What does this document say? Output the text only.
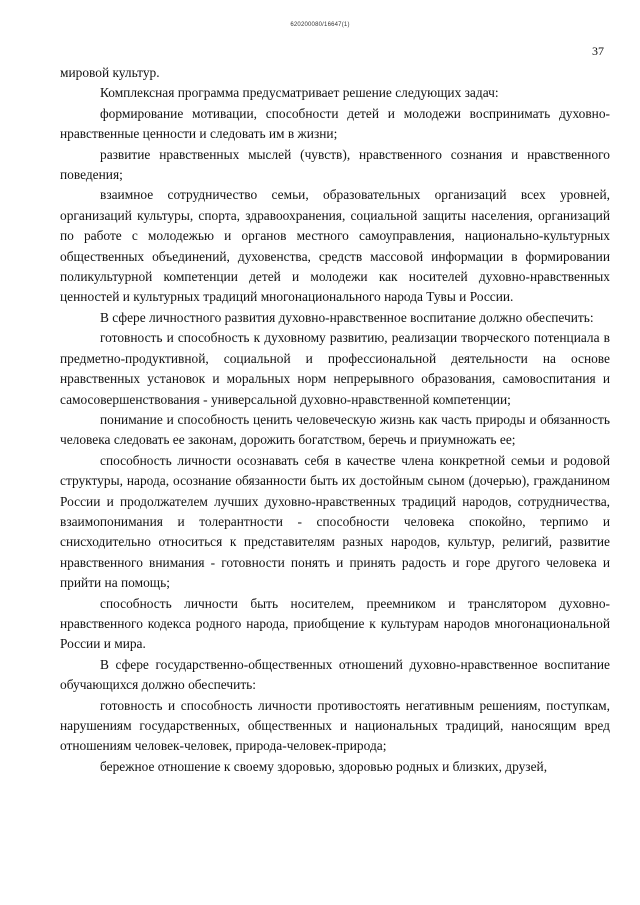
620200080/16647(1)
37

мировой культур.

Комплексная программа предусматривает решение следующих задач:

формирование мотивации, способности детей и молодежи воспринимать духовно-нравственные ценности и следовать им в жизни;

развитие нравственных мыслей (чувств), нравственного сознания и нравственного поведения;

взаимное сотрудничество семьи, образовательных организаций всех уровней, организаций культуры, спорта, здравоохранения, социальной защиты населения, организаций по работе с молодежью и органов местного самоуправления, национально-культурных общественных объединений, духовенства, средств массовой информации в формировании поликультурной компетенции детей и молодежи как носителей духовно-нравственных ценностей и культурных традиций многонационального народа Тувы и России.

В сфере личностного развития духовно-нравственное воспитание должно обеспечить:

готовность и способность к духовному развитию, реализации творческого потенциала в предметно-продуктивной, социальной и профессиональной деятельности на основе нравственных установок и моральных норм непрерывного образования, самовоспитания и самосовершенствования - универсальной духовно-нравственной компетенции;

понимание и способность ценить человеческую жизнь как часть природы и обязанность человека следовать ее законам, дорожить богатством, беречь и приумножать ее;

способность личности осознавать себя в качестве члена конкретной семьи и родовой структуры, народа, осознание обязанности быть их достойным сыном (дочерью), гражданином России и продолжателем лучших духовно-нравственных традиций народов, сотрудничества, взаимопонимания и толерантности - способности человека спокойно, терпимо и снисходительно относиться к представителям разных народов, культур, религий, развитие нравственного внимания - готовности понять и принять радость и горе другого человека и прийти на помощь;

способность личности быть носителем, преемником и транслятором духовно-нравственного кодекса родного народа, приобщение к культурам народов многонациональной России и мира.

В сфере государственно-общественных отношений духовно-нравственное воспитание обучающихся должно обеспечить:

готовность и способность личности противостоять негативным решениям, поступкам, нарушениям государственных, общественных и национальных традиций, наносящим вред отношениям человек-человек, природа-человек-природа;

бережное отношение к своему здоровью, здоровью родных и близких, друзей,
